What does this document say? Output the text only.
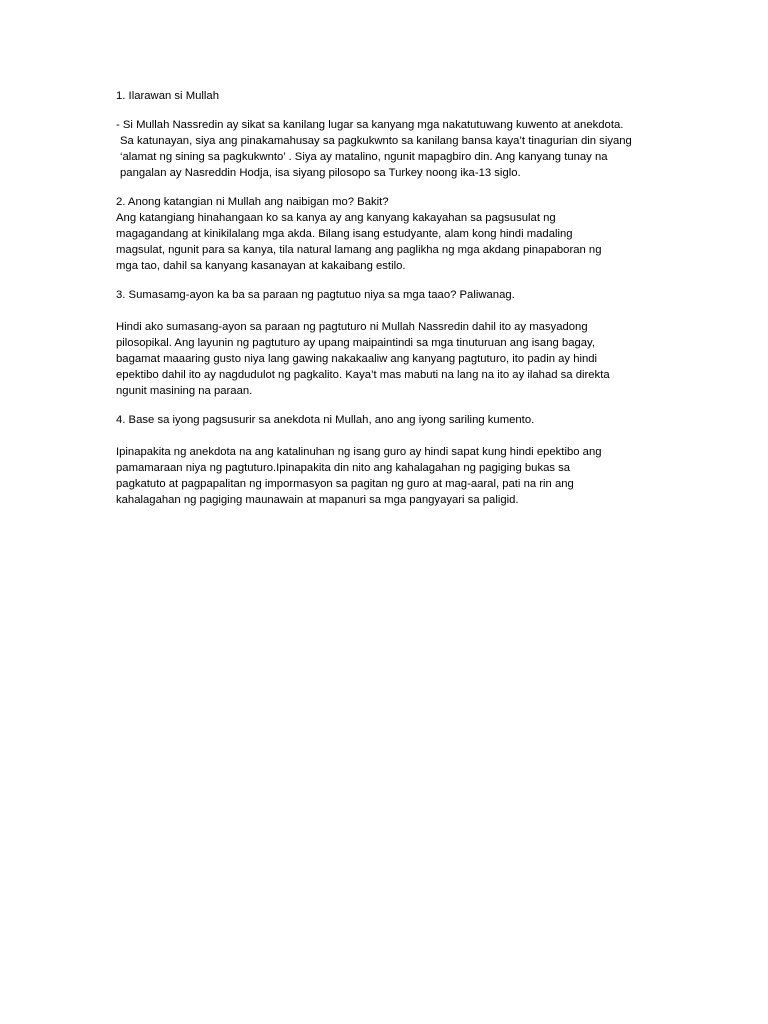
1. Ilarawan si Mullah
- Si Mullah Nassredin ay sikat sa kanilang lugar sa kanyang mga nakatutuwang kuwento at anekdota.
Sa katunayan, siya ang pinakamahusay sa pagkukwnto sa kanilang bansa kaya’t tinagurian din siyang
‘alamat ng sining sa pagkukwnto’ . Siya ay matalino, ngunit mapagbiro din. Ang kanyang tunay na
pangalan ay Nasreddin Hodja, isa siyang pilosopo sa Turkey noong ika-13 siglo.
2. Anong katangian ni Mullah ang naibigan mo? Bakit?
Ang katangiang hinahangaan ko sa kanya ay ang kanyang kakayahan sa pagsusulat ng
magagandang at kinikilalang mga akda. Bilang isang estudyante, alam kong hindi madaling
magsulat, ngunit para sa kanya, tila natural lamang ang paglikha ng mga akdang pinapaboran ng
mga tao, dahil sa kanyang kasanayan at kakaibang estilo.
3. Sumasamg-ayon ka ba sa paraan ng pagtutuo niya sa mga taao? Paliwanag.
Hindi ako sumasang-ayon sa paraan ng pagtuturo ni Mullah Nassredin dahil ito ay masyadong
pilosopikal. Ang layunin ng pagtuturo ay upang maipaintindi sa mga tinuturuan ang isang bagay,
bagamat maaaring gusto niya lang gawing nakakaaliw ang kanyang pagtuturo, ito padin ay hindi
epektibo dahil ito ay nagdudulot ng pagkalito. Kaya’t mas mabuti na lang na ito ay ilahad sa direkta
ngunit masining na paraan.
4. Base sa iyong pagsusurir sa anekdota ni Mullah, ano ang iyong sariling kumento.
Ipinapakita ng anekdota na ang katalinuhan ng isang guro ay hindi sapat kung hindi epektibo ang
pamamaraan niya ng pagtuturo.Ipinapakita din nito ang kahalagahan ng pagiging bukas sa
pagkatuto at pagpapalitan ng impormasyon sa pagitan ng guro at mag-aaral, pati na rin ang
kahalagahan ng pagiging maunawain at mapanuri sa mga pangyayari sa paligid.
